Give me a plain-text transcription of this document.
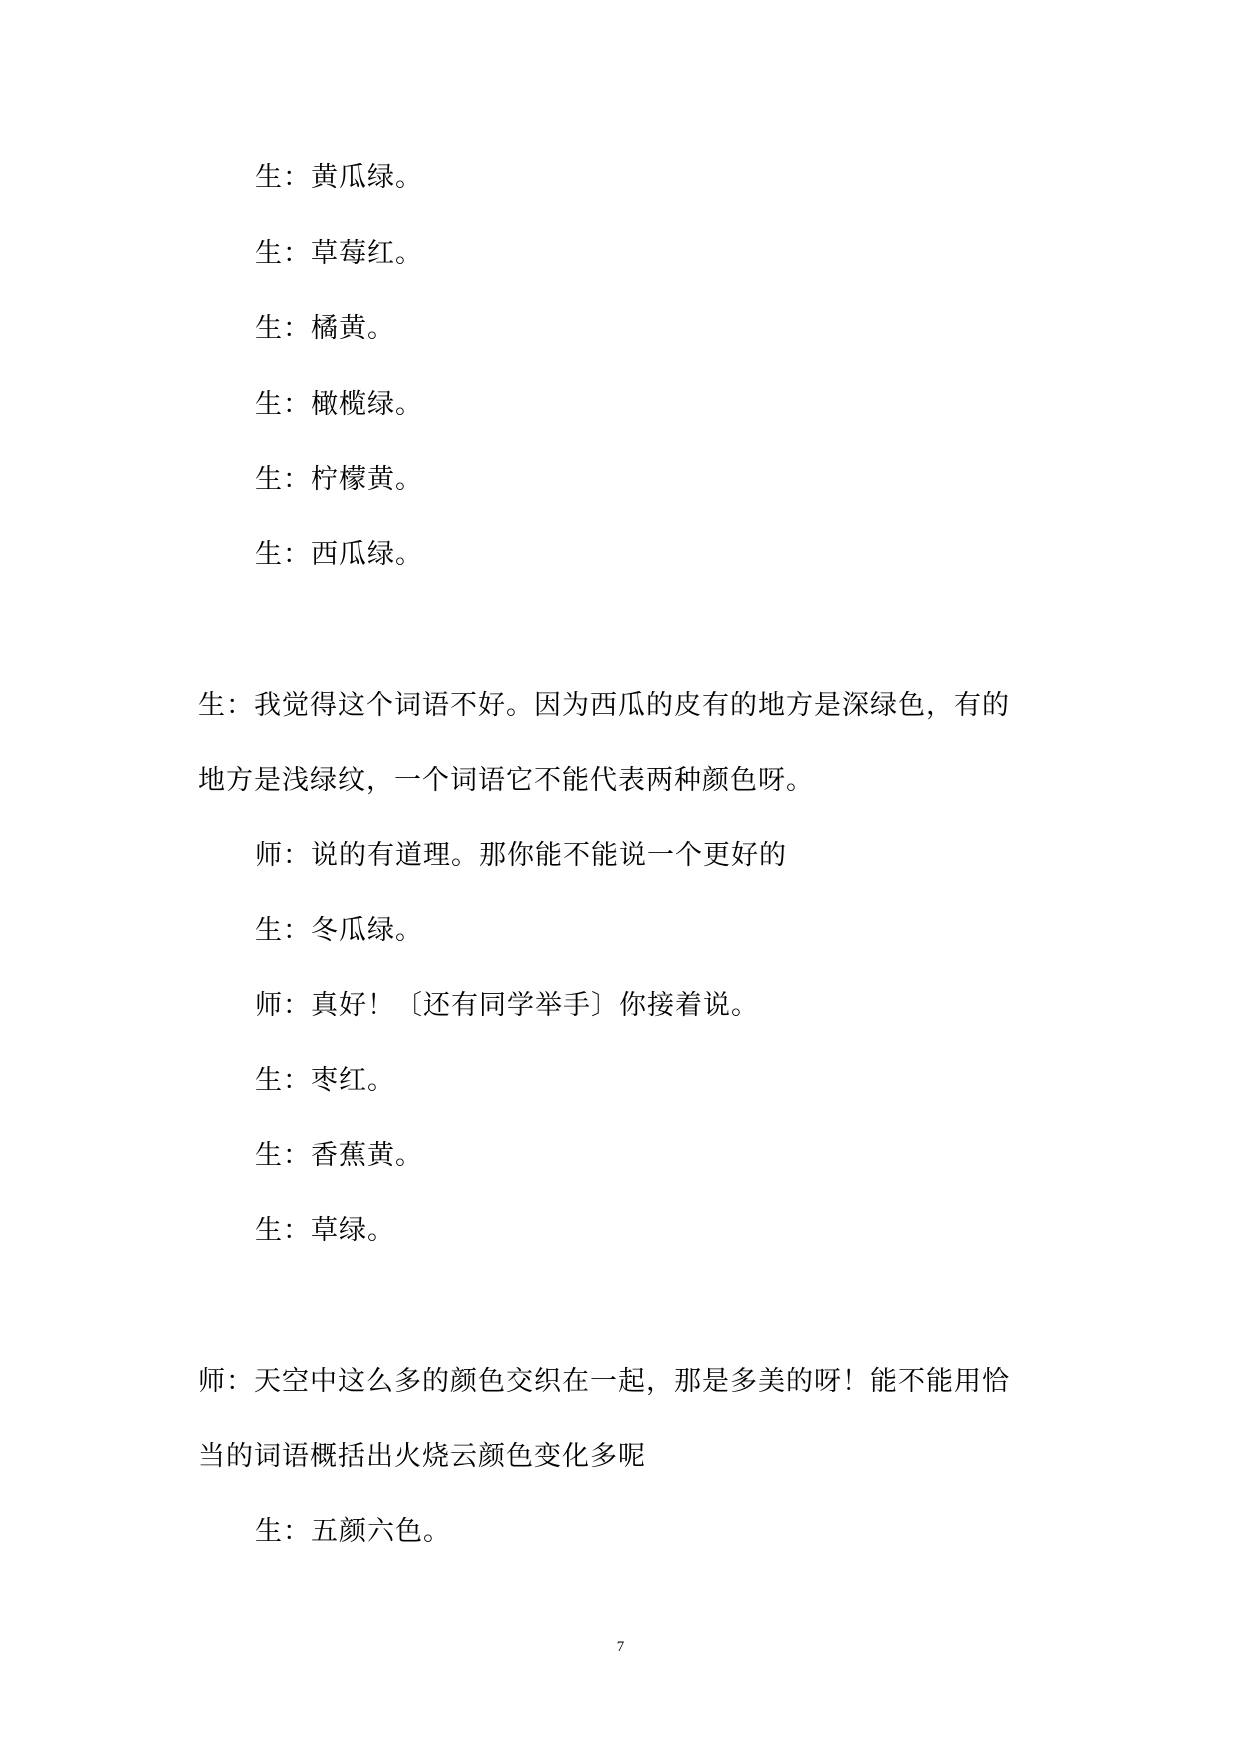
生：黄瓜绿。

生：草莓红。

生：橘黄。

生：橄榄绿。

生：柠檬黄。

生：西瓜绿。

生：我觉得这个词语不好。因为西瓜的皮有的地方是深绿色，有的

地方是浅绿纹，一个词语它不能代表两种颜色呀。

师：说的有道理。那你能不能说一个更好的

生：冬瓜绿。

师：真好！〔还有同学举手〕你接着说。

生：枣红。

生：香蕉黄。

生：草绿。

师：天空中这么多的颜色交织在一起，那是多美的呀！能不能用恰

当的词语概括出火烧云颜色变化多呢

生：五颜六色。

7
